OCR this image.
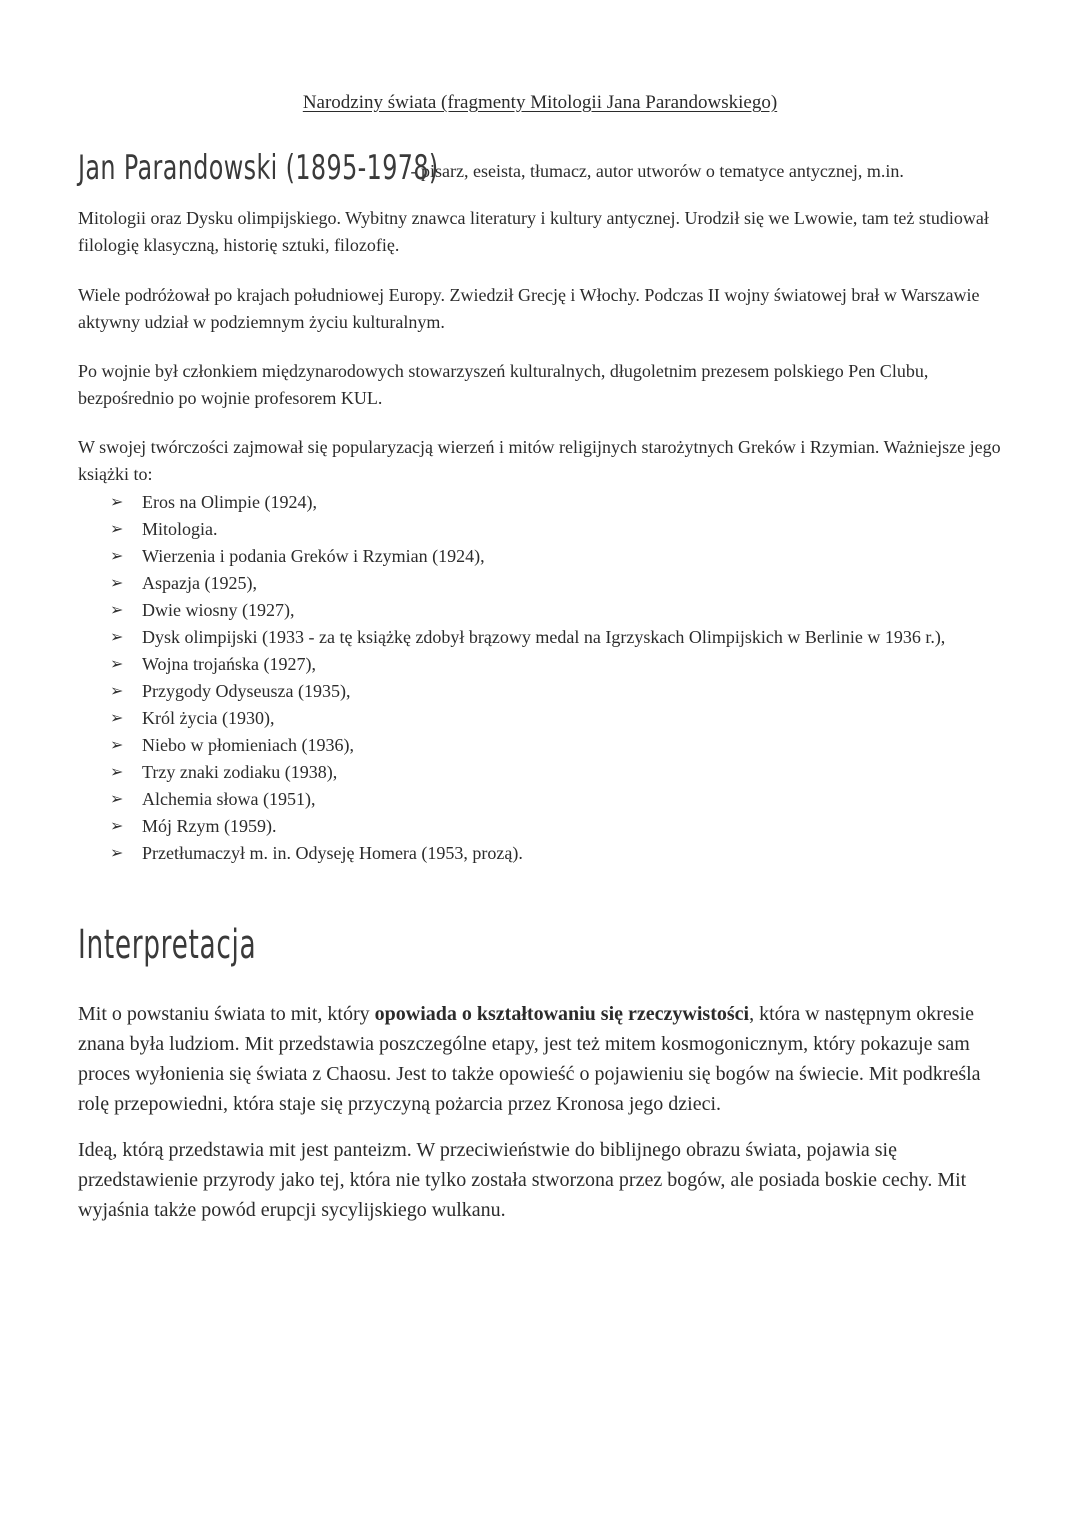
Narodziny świata (fragmenty Mitologii Jana Parandowskiego)
Jan Parandowski (1895-1978) - pisarz, eseista, tłumacz, autor utworów o tematyce antycznej, m.in.

Mitologii oraz Dysku olimpijskiego. Wybitny znawca literatury i kultury antycznej. Urodził się we Lwowie, tam też studiował filologię klasyczną, historię sztuki, filozofię.

Wiele podróżował po krajach południowej Europy. Zwiedził Grecję i Włochy. Podczas II wojny światowej brał w Warszawie aktywny udział w podziemnym życiu kulturalnym.

Po wojnie był członkiem międzynarodowych stowarzyszeń kulturalnych, długoletnim prezesem polskiego Pen Clubu, bezpośrednio po wojnie profesorem KUL.

W swojej twórczości zajmował się popularyzacją wierzeń i mitów religijnych starożytnych Greków i Rzymian. Ważniejsze jego książki to:

➢ Eros na Olimpie (1924),
➢ Mitologia.
➢ Wierzenia i podania Greków i Rzymian (1924),
➢ Aspazja (1925),
➢ Dwie wiosny (1927),
➢ Dysk olimpijski (1933 - za tę książkę zdobył brązowy medal na Igrzyskach Olimpijskich w Berlinie w 1936 r.),
➢ Wojna trojańska (1927),
➢ Przygody Odyseusza (1935),
➢ Król życia (1930),
➢ Niebo w płomieniach (1936),
➢ Trzy znaki zodiaku (1938),
➢ Alchemia słowa (1951),
➢ Mój Rzym (1959).
➢ Przetłumaczył m. in. Odyseję Homera (1953, prozą).
Interpretacja

Mit o powstaniu świata to mit, który opowiada o kształtowaniu się rzeczywistości, która w następnym okresie znana była ludziom. Mit przedstawia poszczególne etapy, jest też mitem kosmogonicznym, który pokazuje sam proces wyłonienia się świata z Chaosu. Jest to także opowieść o pojawieniu się bogów na świecie. Mit podkreśla rolę przepowiedni, która staje się przyczyną pożarcia przez Kronosa jego dzieci.

Ideą, którą przedstawia mit jest panteizm. W przeciwieństwie do biblijnego obrazu świata, pojawia się przedstawienie przyrody jako tej, która nie tylko została stworzona przez bogów, ale posiada boskie cechy. Mit wyjaśnia także powód erupcji sycylijskiego wulkanu.
